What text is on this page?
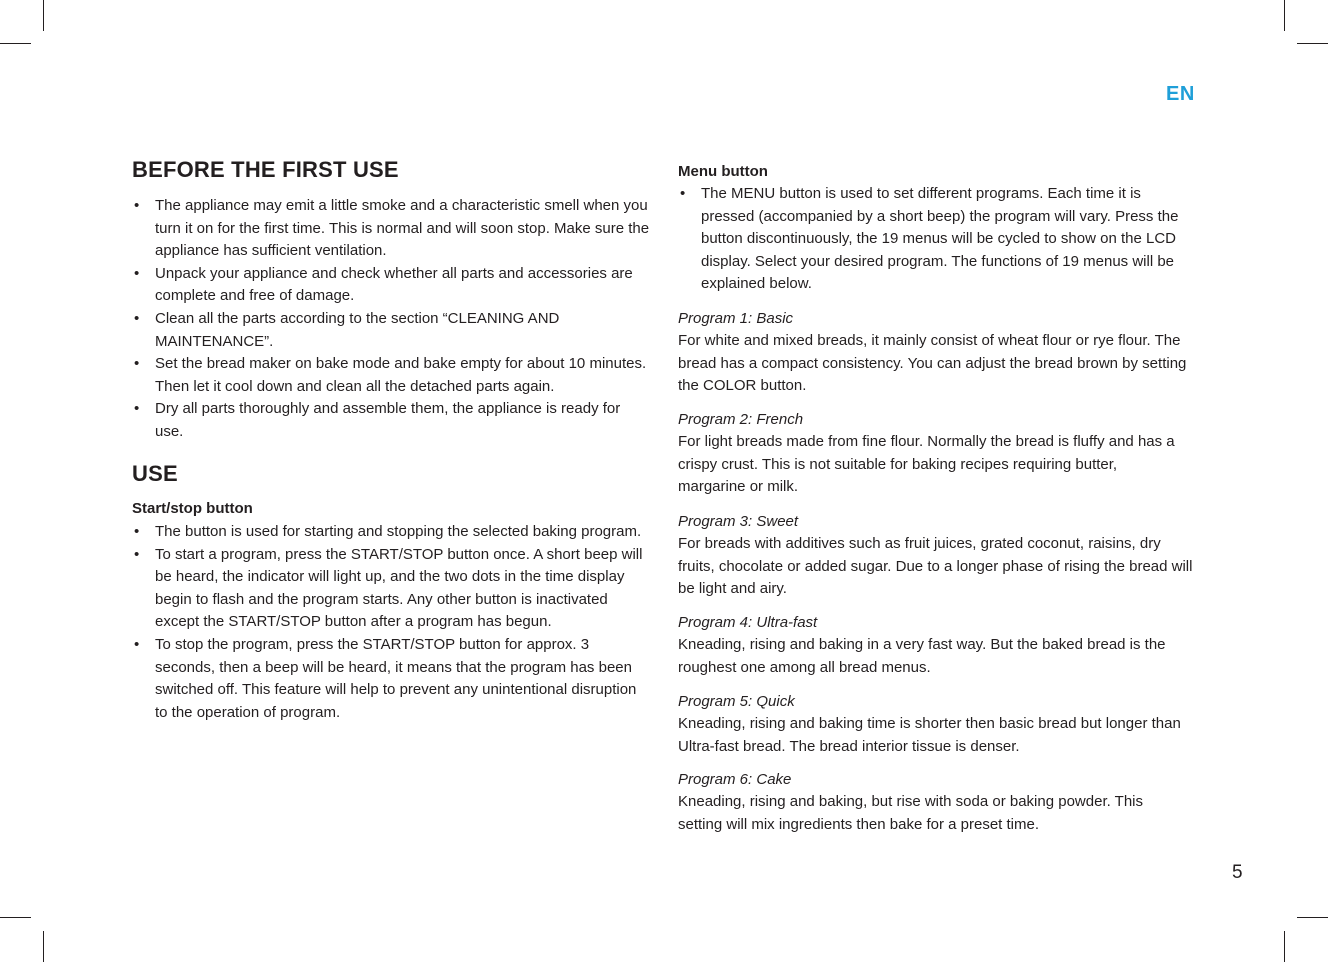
EN
5
BEFORE THE FIRST USE
• The appliance may emit a little smoke and a characteristic smell when you turn it on for the first time. This is normal and will soon stop. Make sure the appliance has sufficient ventilation.
• Unpack your appliance and check whether all parts and accessories are complete and free of damage.
• Clean all the parts according to the section “CLEANING AND MAINTENANCE”.
• Set the bread maker on bake mode and bake empty for about 10 minutes. Then let it cool down and clean all the detached parts again.
• Dry all parts thoroughly and assemble them, the appliance is ready for use.
USE
Start/stop button
• The button is used for starting and stopping the selected baking program.
• To start a program, press the START/STOP button once. A short beep will be heard, the indicator will light up, and the two dots in the time display begin to flash and the program starts. Any other button is inactivated except the START/STOP button after a program has begun.
• To stop the program, press the START/STOP button for approx. 3 seconds, then a beep will be heard, it means that the program has been switched off. This feature will help to prevent any unintentional disruption to the operation of program.
Menu button
• The MENU button is used to set different programs. Each time it is pressed (accompanied by a short beep) the program will vary. Press the button discontinuously, the 19 menus will be cycled to show on the LCD display. Select your desired program. The functions of 19 menus will be explained below.

Program 1: Basic

For white and mixed breads, it mainly consist of wheat flour or rye flour. The bread has a compact consistency. You can adjust the bread brown by setting the COLOR button.

Program 2: French

For light breads made from fine flour. Normally the bread is fluffy and has a crispy crust. This is not suitable for baking recipes requiring butter, margarine or milk.

Program 3: Sweet

For breads with additives such as fruit juices, grated coconut, raisins, dry fruits, chocolate or added sugar. Due to a longer phase of rising the bread will be light and airy.

Program 4: Ultra-fast

Kneading, rising and baking in a very fast way. But the baked bread is the roughest one among all bread menus.

Program 5: Quick

Kneading, rising and baking time is shorter then basic bread but longer than Ultra-fast bread. The bread interior tissue is denser.

Program 6: Cake

Kneading, rising and baking, but rise with soda or baking powder. This setting will mix ingredients then bake for a preset time.
